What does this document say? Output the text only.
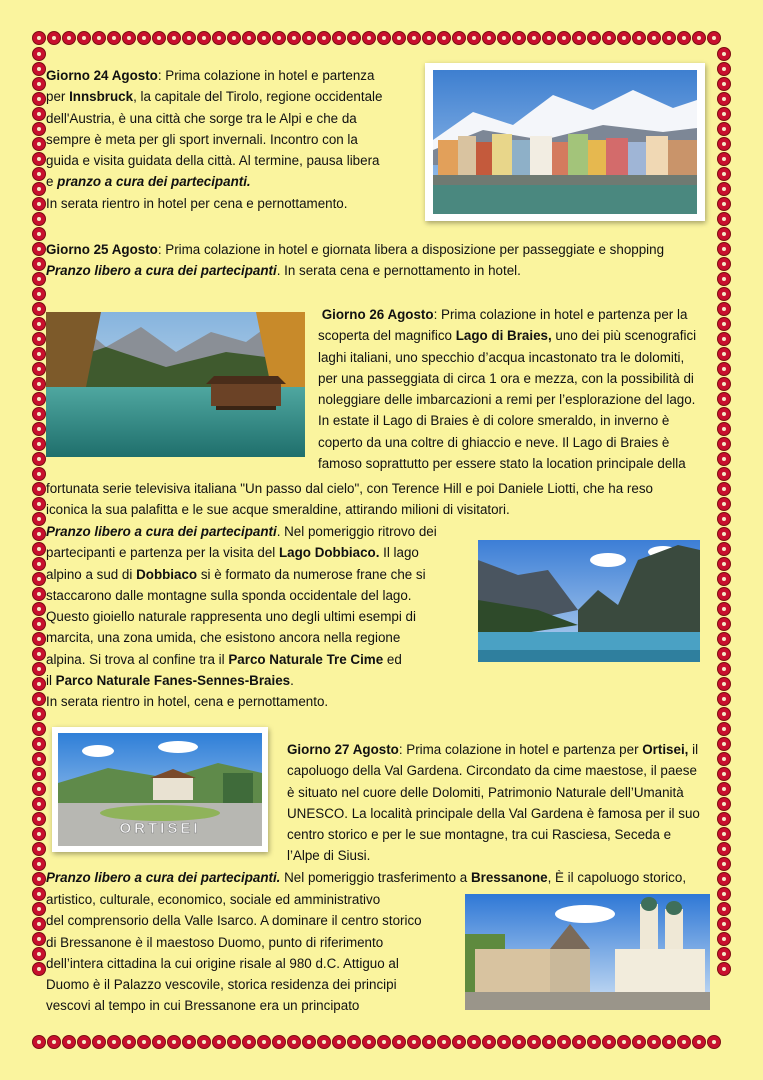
Giorno 24 Agosto: Prima colazione in hotel e partenza

per Innsbruck, la capitale del Tirolo, regione occidentale

dell'Austria, è una città che sorge tra le Alpi e che da

sempre è meta per gli sport invernali. Incontro con la

guida e visita guidata della città. Al termine, pausa libera

e pranzo a cura dei partecipanti.

In serata rientro in hotel per cena e pernottamento.

Giorno 25 Agosto: Prima colazione in hotel e giornata libera a disposizione per passeggiate e shopping

Pranzo libero a cura dei partecipanti. In serata cena e pernottamento in hotel.

Giorno 26 Agosto: Prima colazione in hotel e partenza per la

scoperta del magnifico Lago di Braies, uno dei più scenografici

laghi italiani, uno specchio d’acqua incastonato tra le dolomiti,

per una passeggiata di circa 1 ora e mezza, con la possibilità di

noleggiare delle imbarcazioni a remi per l’esplorazione del lago.

In estate il Lago di Braies è di colore smeraldo, in inverno è

coperto da una coltre di ghiaccio e neve. Il Lago di Braies è

famoso soprattutto per essere stato la location principale della

fortunata serie televisiva italiana "Un passo dal cielo", con Terence Hill e poi Daniele Liotti, che ha reso

iconica la sua palafitta e le sue acque smeraldine, attirando milioni di visitatori.

Pranzo libero a cura dei partecipanti. Nel pomeriggio ritrovo dei

partecipanti e partenza per la visita del Lago Dobbiaco. Il lago

alpino a sud di Dobbiaco si è formato da numerose frane che si

staccarono dalle montagne sulla sponda occidentale del lago.

Questo gioiello naturale rappresenta uno degli ultimi esempi di

marcita, una zona umida, che esistono ancora nella regione

alpina. Si trova al confine tra il Parco Naturale Tre Cime ed

il Parco Naturale Fanes-Sennes-Braies.

In serata rientro in hotel, cena e pernottamento.

ORTISEI

Giorno 27 Agosto: Prima colazione in hotel e partenza per Ortisei, il

capoluogo della Val Gardena. Circondato da cime maestose, il paese

è situato nel cuore delle Dolomiti, Patrimonio Naturale dell’Umanità

UNESCO. La località principale della Val Gardena è famosa per il suo

centro storico e per le sue montagne, tra cui Rasciesa, Seceda e

l’Alpe di Siusi.

Pranzo libero a cura dei partecipanti. Nel pomeriggio trasferimento a Bressanone, È il capoluogo storico,

artistico, culturale, economico, sociale ed amministrativo

del comprensorio della Valle Isarco. A dominare il centro storico

di Bressanone è il maestoso Duomo, punto di riferimento

dell’intera cittadina la cui origine risale al 980 d.C. Attiguo al

Duomo è il Palazzo vescovile, storica residenza dei principi

vescovi al tempo in cui Bressanone era un principato
